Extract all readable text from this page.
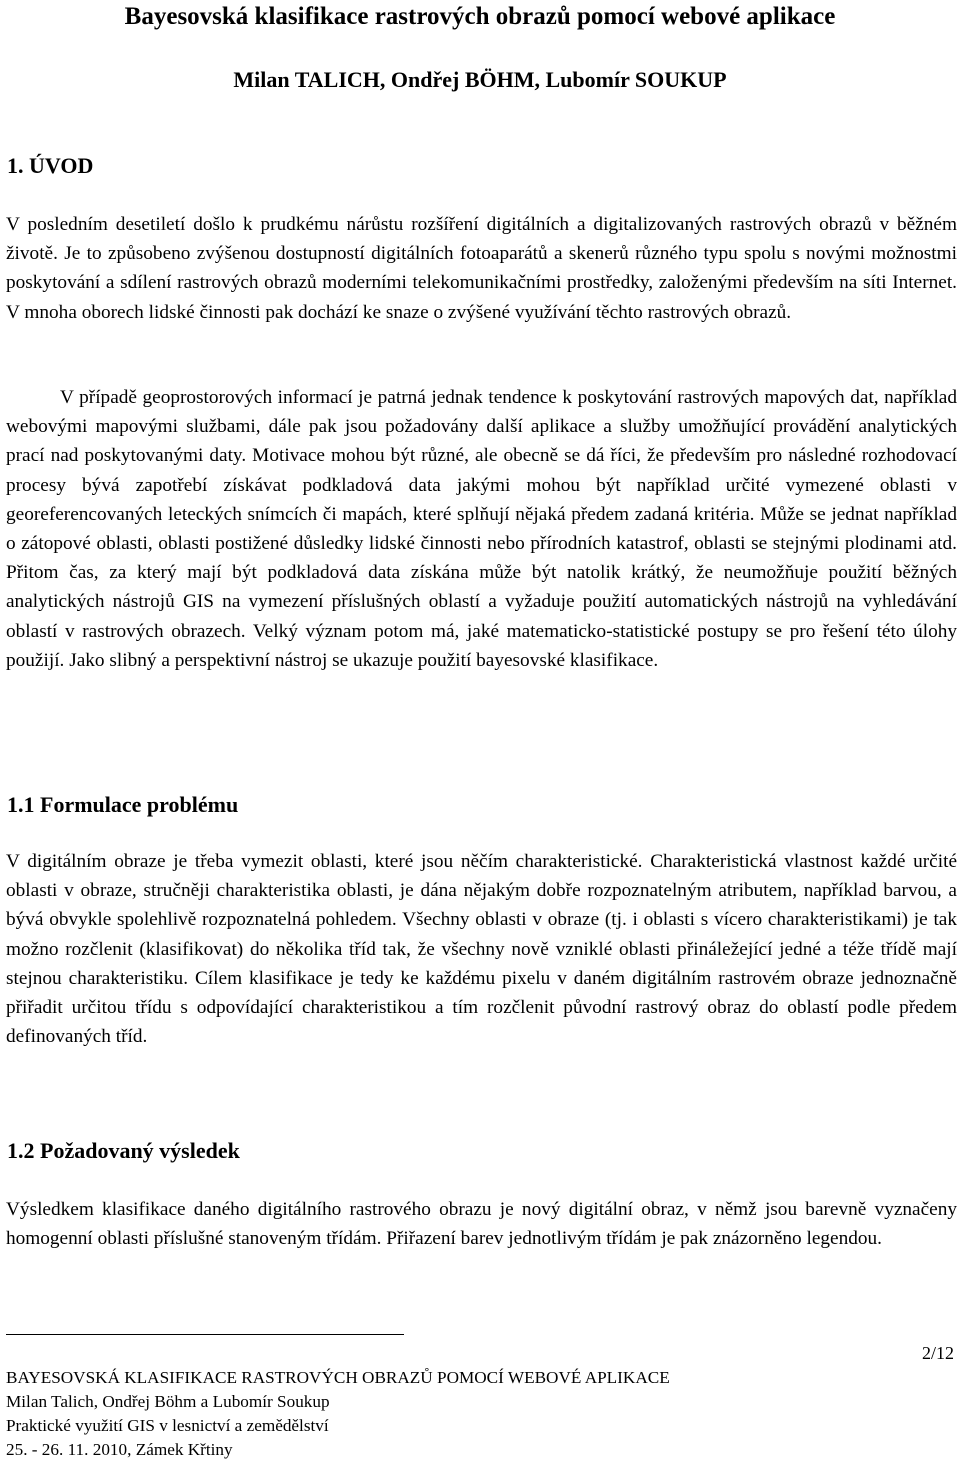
Bayesovská klasifikace rastrových obrazů pomocí webové aplikace
Milan TALICH, Ondřej BÖHM, Lubomír SOUKUP
1. ÚVOD

V posledním desetiletí došlo k prudkému nárůstu rozšíření digitálních a digitalizovaných rastrových obrazů v běžném životě. Je to způsobeno zvýšenou dostupností digitálních fotoaparátů a skenerů různého typu spolu s novými možnostmi poskytování a sdílení rastrových obrazů moderními telekomunikačními prostředky, založenými především na síti Internet. V mnoha oborech lidské činnosti pak dochází ke snaze o zvýšené využívání těchto rastrových obrazů.

V případě geoprostorových informací je patrná jednak tendence k poskytování rastrových mapových dat, například webovými mapovými službami, dále pak jsou požadovány další aplikace a služby umožňující provádění analytických prací nad poskytovanými daty. Motivace mohou být různé, ale obecně se dá říci, že především pro následné rozhodovací procesy bývá zapotřebí získávat podkladová data jakými mohou být například určité vymezené oblasti v georeferencovaných leteckých snímcích či mapách, které splňují nějaká předem zadaná kritéria. Může se jednat například o zátopové oblasti, oblasti postižené důsledky lidské činnosti nebo přírodních katastrof, oblasti se stejnými plodinami atd. Přitom čas, za který mají být podkladová data získána může být natolik krátký, že neumožňuje použití běžných analytických nástrojů GIS na vymezení příslušných oblastí a vyžaduje použití automatických nástrojů na vyhledávání oblastí v rastrových obrazech. Velký význam potom má, jaké matematicko-statistické postupy se pro řešení této úlohy použijí. Jako slibný a perspektivní nástroj se ukazuje použití bayesovské klasifikace.

1.1 Formulace problému

V digitálním obraze je třeba vymezit oblasti, které jsou něčím charakteristické. Charakteristická vlastnost každé určité oblasti v obraze, stručněji charakteristika oblasti, je dána nějakým dobře rozpoznatelným atributem, například barvou, a bývá obvykle spolehlivě rozpoznatelná pohledem. Všechny oblasti v obraze (tj. i oblasti s vícero charakteristikami) je tak možno rozčlenit (klasifikovat) do několika tříd tak, že všechny nově vzniklé oblasti přináležející jedné a téže třídě mají stejnou charakteristiku. Cílem klasifikace je tedy ke každému pixelu v daném digitálním rastrovém obraze jednoznačně přiřadit určitou třídu s odpovídající charakteristikou a tím rozčlenit původní rastrový obraz do oblastí podle předem definovaných tříd.

1.2 Požadovaný výsledek

Výsledkem klasifikace daného digitálního rastrového obrazu je nový digitální obraz, v němž jsou barevně vyznačeny homogenní oblasti příslušné stanoveným třídám. Přiřazení barev jednotlivým třídám je pak znázorněno legendou.

2/12
BAYESOVSKÁ KLASIFIKACE RASTROVÝCH OBRAZŮ POMOCÍ WEBOVÉ APLIKACE
Milan Talich, Ondřej Böhm a Lubomír Soukup
Praktické využití GIS v lesnictví a zemědělství
25. - 26. 11. 2010, Zámek Křtiny
